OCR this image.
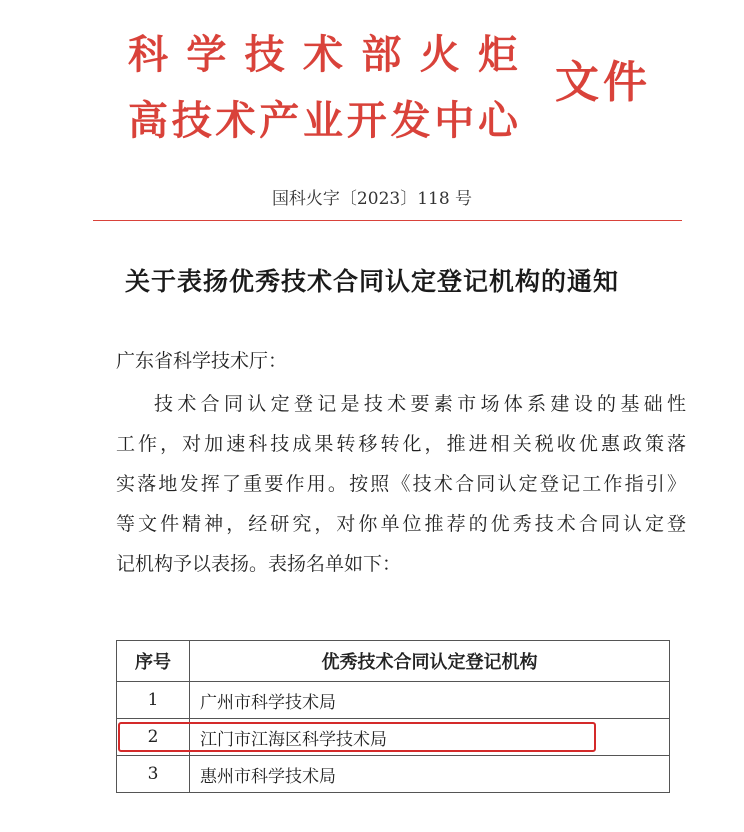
科学技术部火炬
高技术产业开发中心
文件
国科火字〔2023〕118 号
关于表扬优秀技术合同认定登记机构的通知
广东省科学技术厅：
技术合同认定登记是技术要素市场体系建设的基础性
工作，对加速科技成果转移转化，推进相关税收优惠政策落
实落地发挥了重要作用。按照《技术合同认定登记工作指引》
等文件精神，经研究，对你单位推荐的优秀技术合同认定登
记机构予以表扬。表扬名单如下：
序号	优秀技术合同认定登记机构
1	广州市科学技术局
2	江门市江海区科学技术局
3	惠州市科学技术局
